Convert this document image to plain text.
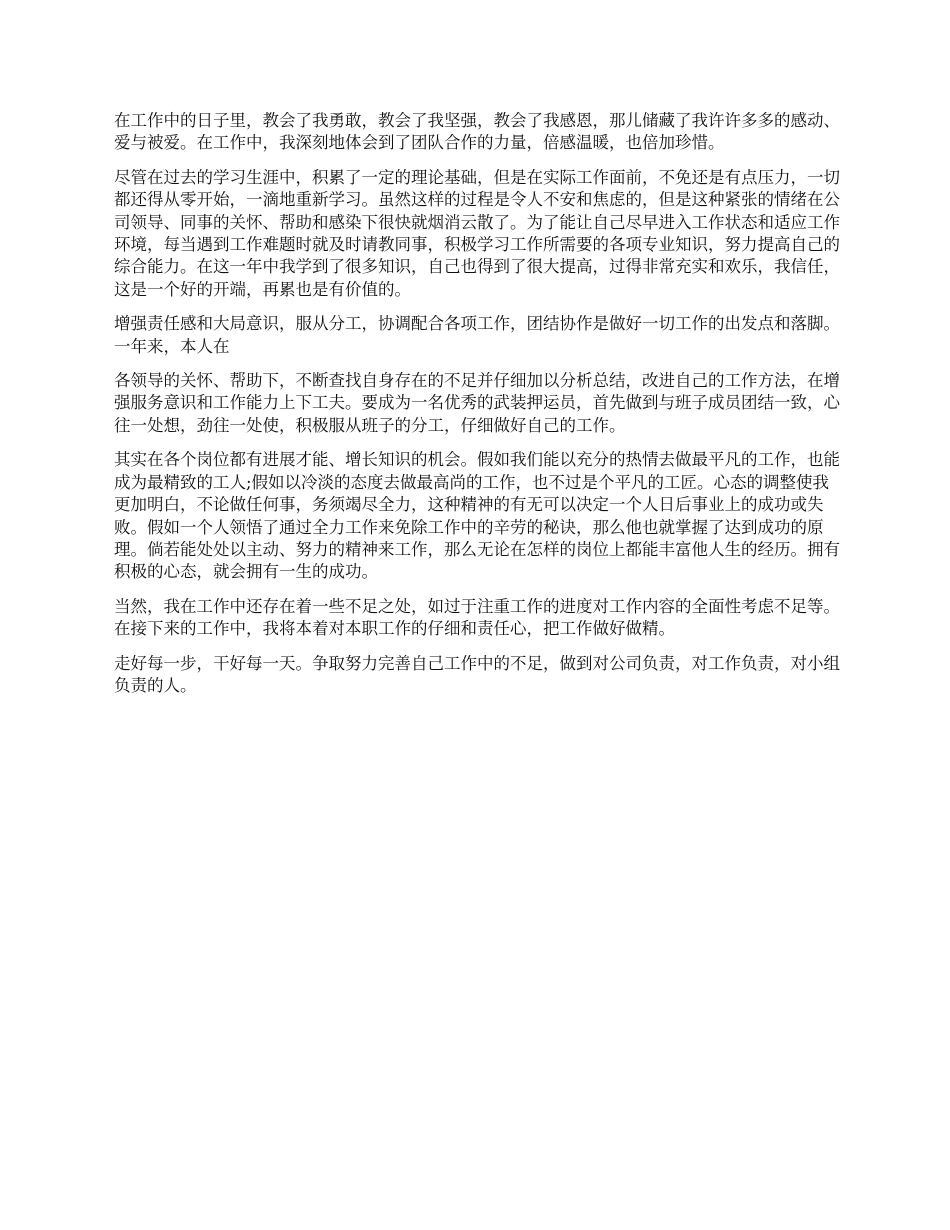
在工作中的日子里，教会了我勇敢，教会了我坚强，教会了我感恩，那儿储藏了我许许多多的感动、爱与被爱。在工作中，我深刻地体会到了团队合作的力量，倍感温暖，也倍加珍惜。

尽管在过去的学习生涯中，积累了一定的理论基础，但是在实际工作面前，不免还是有点压力，一切都还得从零开始，一滴地重新学习。虽然这样的过程是令人不安和焦虑的，但是这种紧张的情绪在公司领导、同事的关怀、帮助和感染下很快就烟消云散了。为了能让自己尽早进入工作状态和适应工作环境，每当遇到工作难题时就及时请教同事，积极学习工作所需要的各项专业知识，努力提高自己的综合能力。在这一年中我学到了很多知识，自己也得到了很大提高，过得非常充实和欢乐，我信任，这是一个好的开端，再累也是有价值的。

增强责任感和大局意识，服从分工，协调配合各项工作，团结协作是做好一切工作的出发点和落脚。一年来，本人在

各领导的关怀、帮助下，不断查找自身存在的不足并仔细加以分析总结，改进自己的工作方法，在增强服务意识和工作能力上下工夫。要成为一名优秀的武装押运员，首先做到与班子成员团结一致，心往一处想，劲往一处使，积极服从班子的分工，仔细做好自己的工作。

其实在各个岗位都有进展才能、增长知识的机会。假如我们能以充分的热情去做最平凡的工作，也能成为最精致的工人;假如以冷淡的态度去做最高尚的工作，也不过是个平凡的工匠。心态的调整使我更加明白，不论做任何事，务须竭尽全力，这种精神的有无可以决定一个人日后事业上的成功或失败。假如一个人领悟了通过全力工作来免除工作中的辛劳的秘诀，那么他也就掌握了达到成功的原理。倘若能处处以主动、努力的精神来工作，那么无论在怎样的岗位上都能丰富他人生的经历。拥有积极的心态，就会拥有一生的成功。

当然，我在工作中还存在着一些不足之处，如过于注重工作的进度对工作内容的全面性考虑不足等。在接下来的工作中，我将本着对本职工作的仔细和责任心，把工作做好做精。

走好每一步，干好每一天。争取努力完善自己工作中的不足，做到对公司负责，对工作负责，对小组负责的人。
